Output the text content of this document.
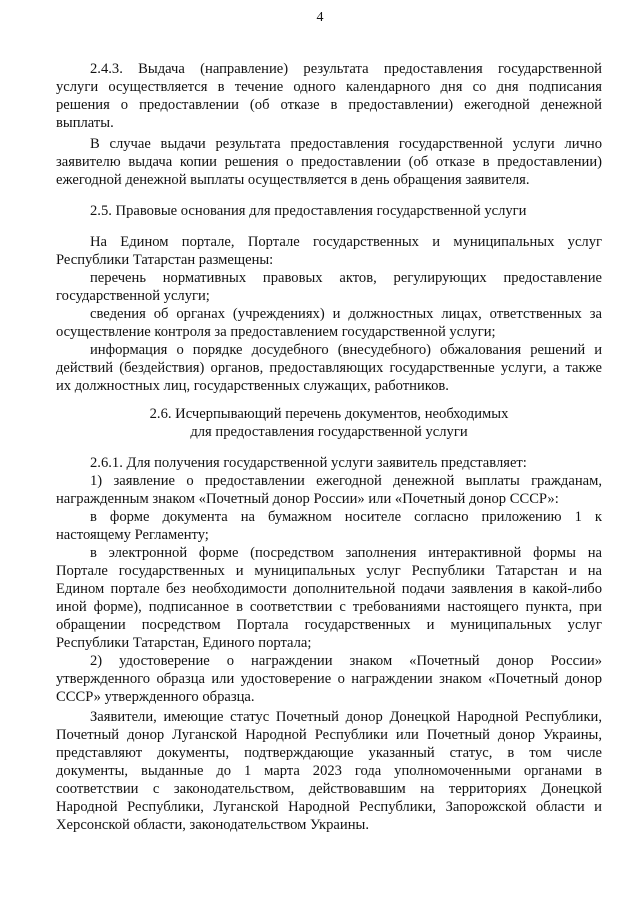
4
2.4.3. Выдача (направление) результата предоставления государственной
услуги осуществляется в течение одного календарного дня со дня подписания
решения о предоставлении (об отказе в предоставлении) ежегодной денежной
выплаты.
В случае выдачи результата предоставления государственной услуги лично
заявителю выдача копии решения о предоставлении (об отказе в предоставлении)
ежегодной денежной выплаты осуществляется в день обращения заявителя.
2.5. Правовые основания для предоставления государственной услуги
На Едином портале, Портале государственных и муниципальных услуг
Республики Татарстан размещены:
перечень нормативных правовых актов, регулирующих предоставление
государственной услуги;
сведения об органах (учреждениях) и должностных лицах, ответственных за
осуществление контроля за предоставлением государственной услуги;
информация о порядке досудебного (внесудебного) обжалования решений и
действий (бездействия) органов, предоставляющих государственные услуги, а также
их должностных лиц, государственных служащих, работников.
2.6. Исчерпывающий перечень документов, необходимых
для предоставления государственной услуги
2.6.1. Для получения государственной услуги заявитель представляет:
1) заявление о предоставлении ежегодной денежной выплаты гражданам,
награжденным знаком «Почетный донор России» или «Почетный донор СССР»:
в форме документа на бумажном носителе согласно приложению 1 к
настоящему Регламенту;
в электронной форме (посредством заполнения интерактивной формы на
Портале государственных и муниципальных услуг Республики Татарстан и на
Едином портале без необходимости дополнительной подачи заявления в какой-либо
иной форме), подписанное в соответствии с требованиями настоящего пункта, при
обращении посредством Портала государственных и муниципальных услуг
Республики Татарстан, Единого портала;
2) удостоверение о награждении знаком «Почетный донор России»
утвержденного образца или удостоверение о награждении знаком «Почетный донор
СССР» утвержденного образца.
Заявители, имеющие статус Почетный донор Донецкой Народной Республики,
Почетный донор Луганской Народной Республики или Почетный донор Украины,
представляют документы, подтверждающие указанный статус, в том числе
документы, выданные до 1 марта 2023 года уполномоченными органами в
соответствии с законодательством, действовавшим на территориях Донецкой
Народной Республики, Луганской Народной Республики, Запорожской области и
Херсонской области, законодательством Украины.
